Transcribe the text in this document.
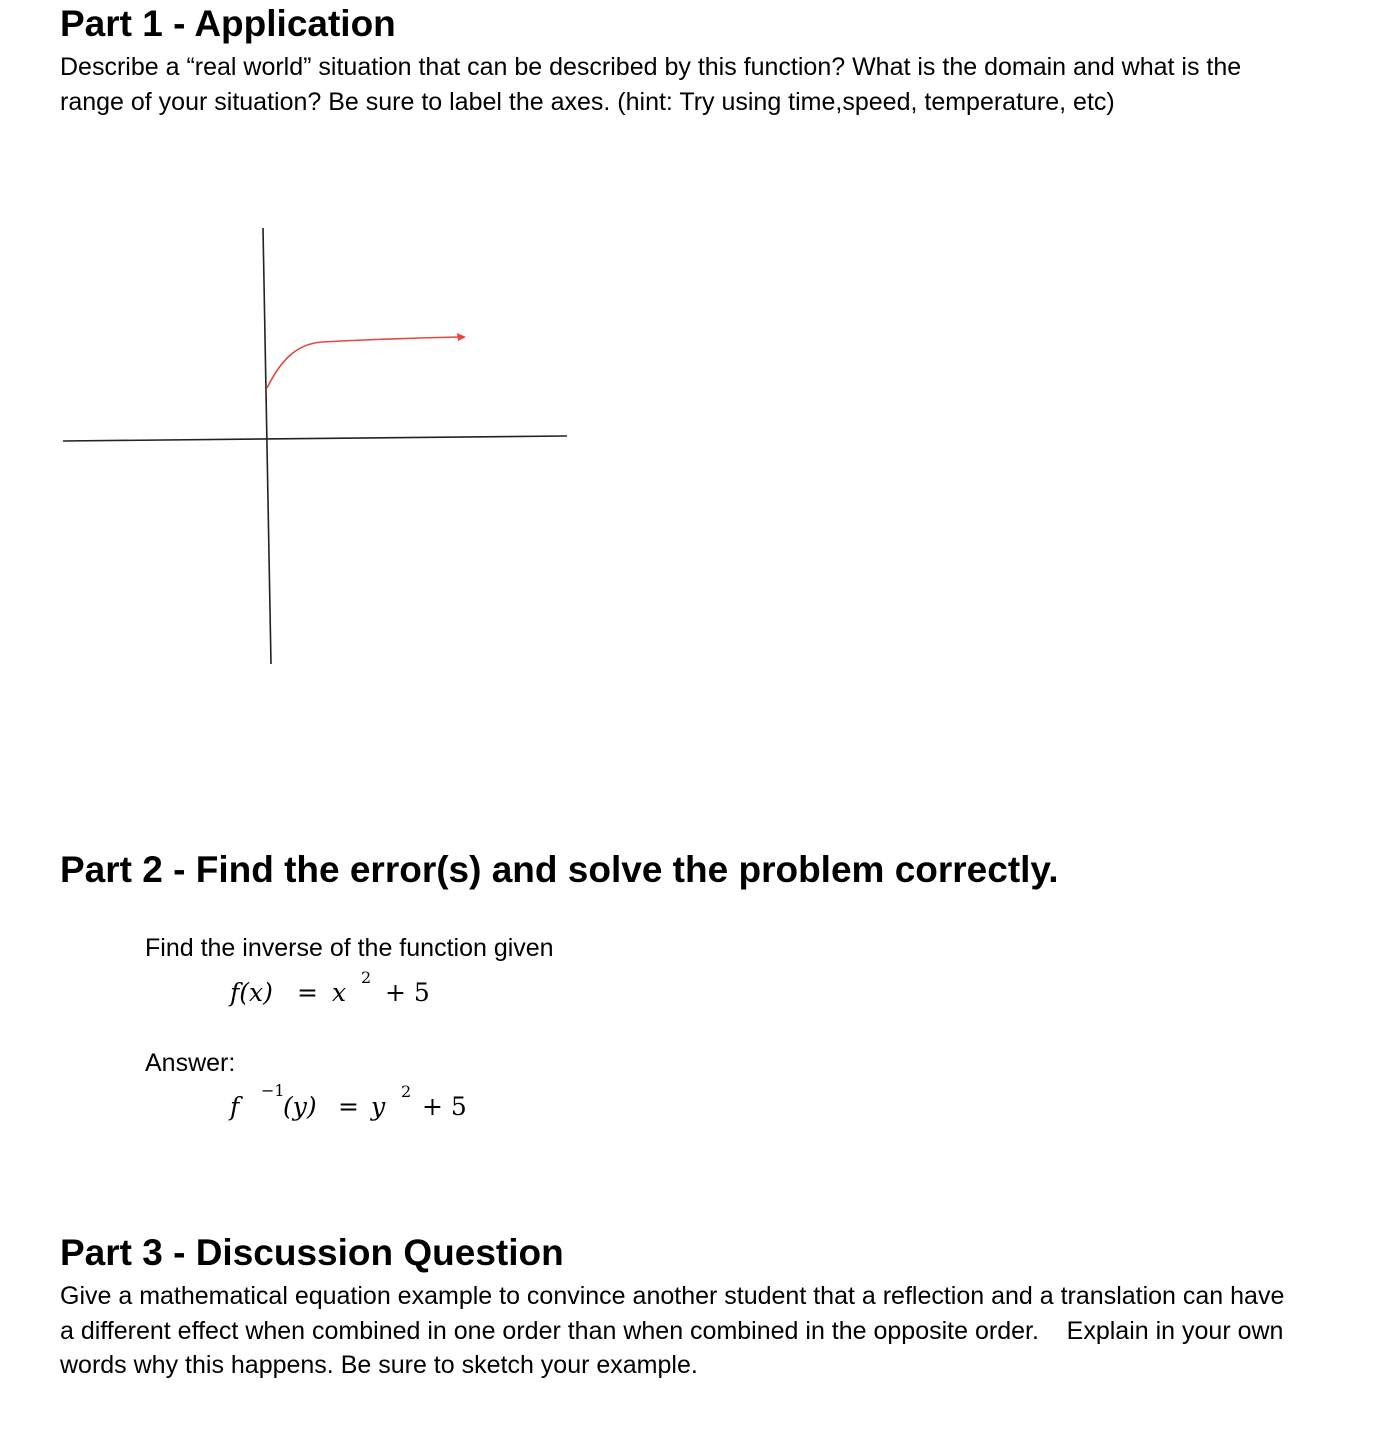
Part 1 - Application
Describe a “real world” situation that can be described by this function? What is the domain and what is the
range of your situation? Be sure to label the axes. (hint: Try using time,speed, temperature, etc)
Part 2 - Find the error(s) and solve the problem correctly.
Find the inverse of the function given
f(x) = x
2
+ 5
Answer:
f
−1
(y) = y
2
+ 5
Part 3 - Discussion Question
Give a mathematical equation example to convince another student that a reflection and a translation can have
a different effect when combined in one order than when combined in the opposite order.    Explain in your own
words why this happens. Be sure to sketch your example.
